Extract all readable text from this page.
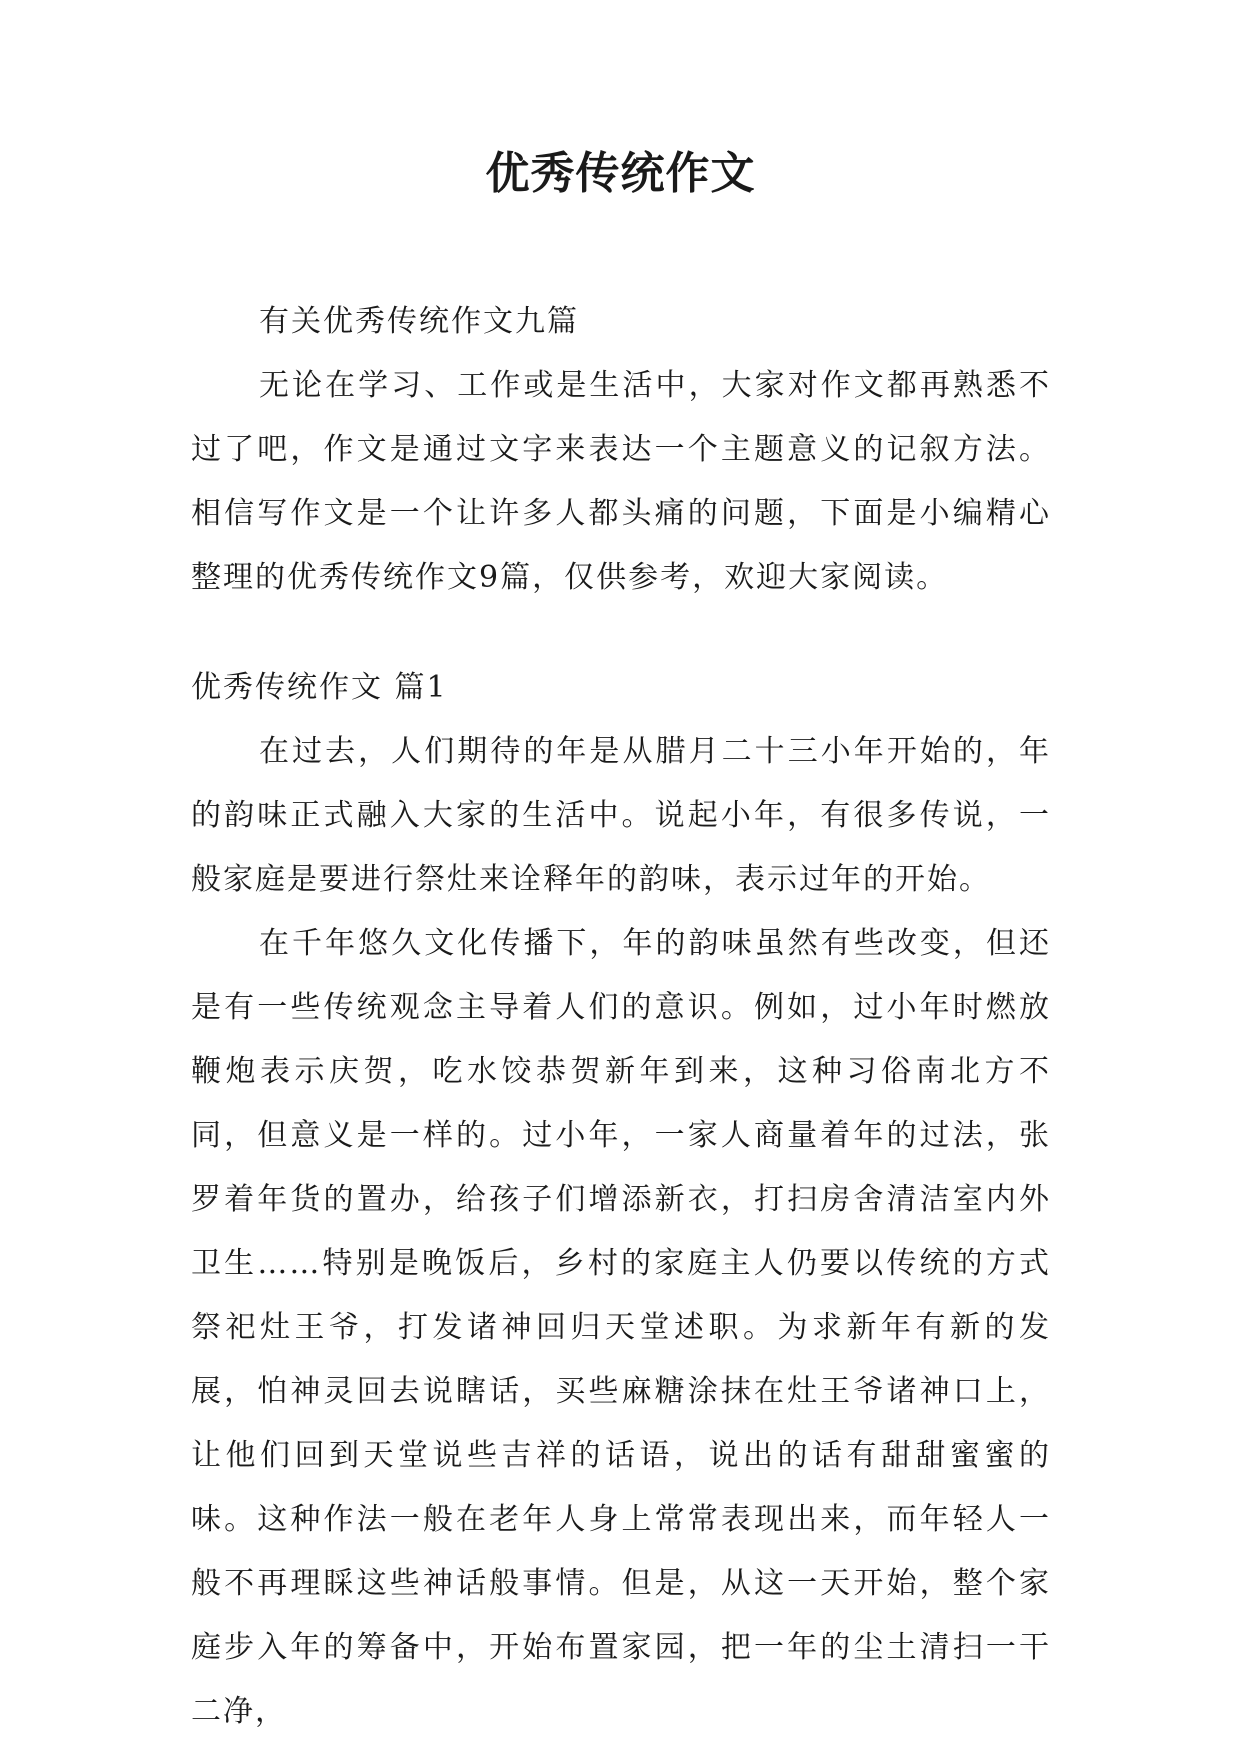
优秀传统作文

有关优秀传统作文九篇

无论在学习、工作或是生活中，大家对作文都再熟悉不过了吧，作文是通过文字来表达一个主题意义的记叙方法。相信写作文是一个让许多人都头痛的问题，下面是小编精心整理的优秀传统作文9篇，仅供参考，欢迎大家阅读。

优秀传统作文 篇1

在过去，人们期待的年是从腊月二十三小年开始的，年的韵味正式融入大家的生活中。说起小年，有很多传说，一般家庭是要进行祭灶来诠释年的韵味，表示过年的开始。

在千年悠久文化传播下，年的韵味虽然有些改变，但还是有一些传统观念主导着人们的意识。例如，过小年时燃放鞭炮表示庆贺，吃水饺恭贺新年到来，这种习俗南北方不同，但意义是一样的。过小年，一家人商量着年的过法，张罗着年货的置办，给孩子们增添新衣，打扫房舍清洁室内外卫生……特别是晚饭后，乡村的家庭主人仍要以传统的方式祭祀灶王爷，打发诸神回归天堂述职。为求新年有新的发展，怕神灵回去说瞎话，买些麻糖涂抹在灶王爷诸神口上，让他们回到天堂说些吉祥的话语，说出的话有甜甜蜜蜜的味。这种作法一般在老年人身上常常表现出来，而年轻人一般不再理睬这些神话般事情。但是，从这一天开始，整个家庭步入年的筹备中，开始布置家园，把一年的尘土清扫一干二净，
